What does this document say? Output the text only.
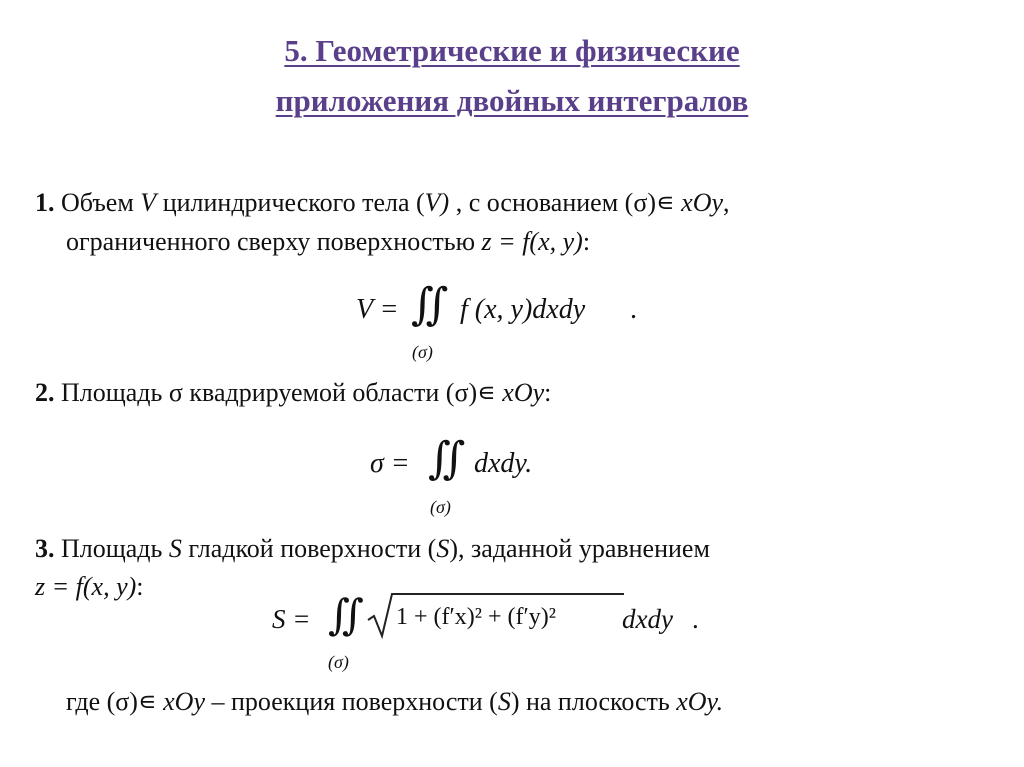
5. Геометрические и физические
приложения двойных интегралов
1. Объем V цилиндрического тела (V) , с основанием (σ)∊ xOy,
ограниченного сверху поверхностью z = f(x, y):
V = ∬ f (x, y)dxdy .
(σ)
2. Площадь σ квадрируемой области (σ)∊ xOy:
σ = ∬ dxdy.
(σ)
3. Площадь S гладкой поверхности (S), заданной уравнением
z = f(x, y):
S = ∬ 1 + (f′x)² + (f′y)² dxdy .
(σ)
где (σ)∊ xOy – проекция поверхности (S) на плоскость xOy.
